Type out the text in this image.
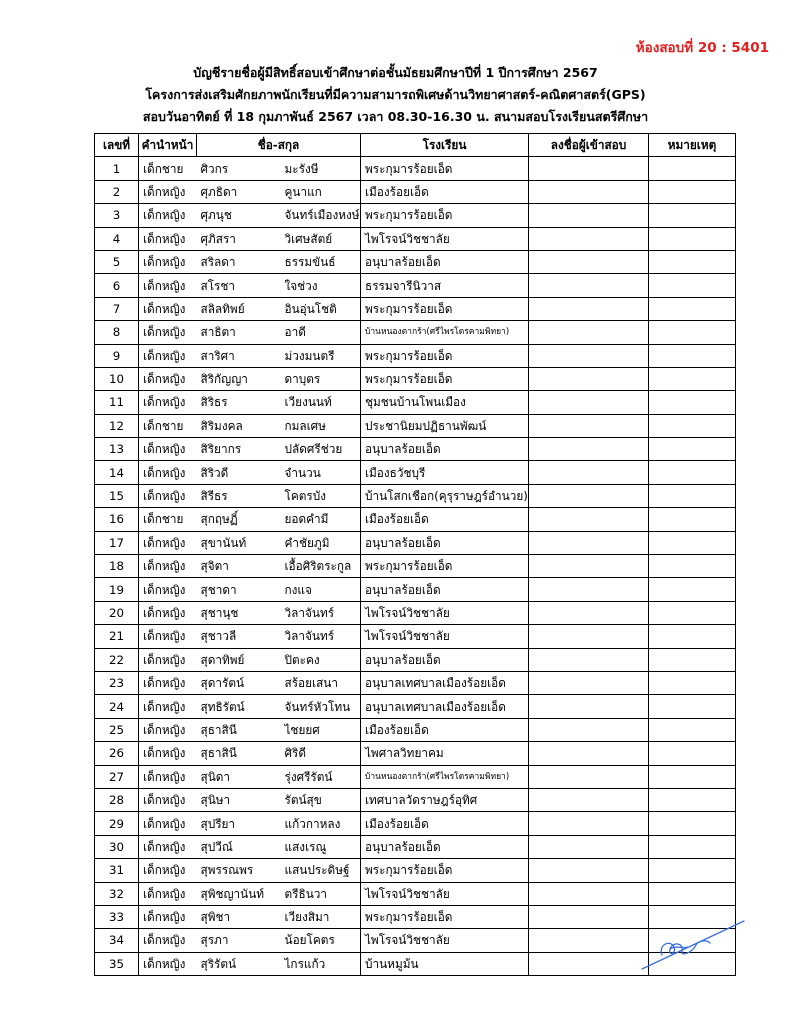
ห้องสอบที่ 20 : 5401
บัญชีรายชื่อผู้มีสิทธิ์สอบเข้าศึกษาต่อชั้นมัธยมศึกษาปีที่ 1 ปีการศึกษา 2567
โครงการส่งเสริมศักยภาพนักเรียนที่มีความสามารถพิเศษด้านวิทยาศาสตร์-คณิตศาสตร์(GPS)
สอบวันอาทิตย์ ที่ 18 กุมภาพันธ์ 2567 เวลา 08.30-16.30 น. สนามสอบโรงเรียนสตรีศึกษา
เลขที่	คำนำหน้า	ชื่อ-สกุล		โรงเรียน	ลงชื่อผู้เข้าสอบ	หมายเหตุ
1	เด็กชาย	ศิวกร	มะรังษี	พระกุมารร้อยเอ็ด		
2	เด็กหญิง	ศุภธิดา	คูนาแก	เมืองร้อยเอ็ด		
3	เด็กหญิง	ศุภนุช	จันทร์เมืองหงษ์	พระกุมารร้อยเอ็ด		
4	เด็กหญิง	ศุภิสรา	วิเศษสัตย์	ไพโรจน์วิชชาลัย		
5	เด็กหญิง	สริลดา	ธรรมขันธ์	อนุบาลร้อยเอ็ด		
6	เด็กหญิง	สโรชา	ใจช่วง	ธรรมจารีนิวาส		
7	เด็กหญิง	สลิลทิพย์	อินอุ่นโชติ	พระกุมารร้อยเอ็ด		
8	เด็กหญิง	สาธิตา	อาดี	บ้านหนองตากร้า(ศรีไพรโดรคามพิทยา)		
9	เด็กหญิง	สาริศา	ม่วงมนตรี	พระกุมารร้อยเอ็ด		
10	เด็กหญิง	สิริกัญญา	ดาบุตร	พระกุมารร้อยเอ็ด		
11	เด็กหญิง	สิริธร	เวียงนนท์	ชุมชนบ้านโพนเมือง		
12	เด็กชาย	สิริมงคล	กมลเศษ	ประชานิยมปฏิธานพัฒน์		
13	เด็กหญิง	สิริยากร	ปลัดศรีช่วย	อนุบาลร้อยเอ็ด		
14	เด็กหญิง	สิริวดี	จำนวน	เมืองธวัชบุรี		
15	เด็กหญิง	สิรีธร	โคตรบัง	บ้านโสกเชือก(คุรุราษฎร์อำนวย)		
16	เด็กชาย	สุกฤษฏิ์	ยอดคำมี	เมืองร้อยเอ็ด		
17	เด็กหญิง	สุขานันท์	คำชัยภูมิ	อนุบาลร้อยเอ็ด		
18	เด็กหญิง	สุจิตา	เอื้อศิริตระกูล	พระกุมารร้อยเอ็ด		
19	เด็กหญิง	สุชาดา	กงแจ	อนุบาลร้อยเอ็ด		
20	เด็กหญิง	สุชานุช	วิลาจันทร์	ไพโรจน์วิชชาลัย		
21	เด็กหญิง	สุชาวลี	วิลาจันทร์	ไพโรจน์วิชชาลัย		
22	เด็กหญิง	สุดาทิพย์	ปิตะคง	อนุบาลร้อยเอ็ด		
23	เด็กหญิง	สุดารัตน์	สร้อยเสนา	อนุบาลเทศบาลเมืองร้อยเอ็ด		
24	เด็กหญิง	สุทธิรัตน์	จันทร์หัวโทน	อนุบาลเทศบาลเมืองร้อยเอ็ด		
25	เด็กหญิง	สุธาสินี	ไชยยศ	เมืองร้อยเอ็ด		
26	เด็กหญิง	สุธาสินี	ศิริดี	ไพศาลวิทยาคม		
27	เด็กหญิง	สุนิดา	รุ่งศรีรัตน์	บ้านหนองตากร้า(ศรีไพรโดรคามพิทยา)		
28	เด็กหญิง	สุนิษา	รัตน์สุข	เทศบาลวัดราษฎร์อุทิศ		
29	เด็กหญิง	สุปรียา	แก้วกาหลง	เมืองร้อยเอ็ด		
30	เด็กหญิง	สุปวีณ์	แสงเรณู	อนุบาลร้อยเอ็ด		
31	เด็กหญิง	สุพรรณพร	แสนประดิษฐ์	พระกุมารร้อยเอ็ด		
32	เด็กหญิง	สุพิชญานันท์	ตรีธินวา	ไพโรจน์วิชชาลัย		
33	เด็กหญิง	สุพิชา	เวียงสิมา	พระกุมารร้อยเอ็ด		
34	เด็กหญิง	สุรภา	น้อยโคตร	ไพโรจน์วิชชาลัย		
35	เด็กหญิง	สุริรัตน์	ไกรแก้ว	บ้านหมูม้น		
